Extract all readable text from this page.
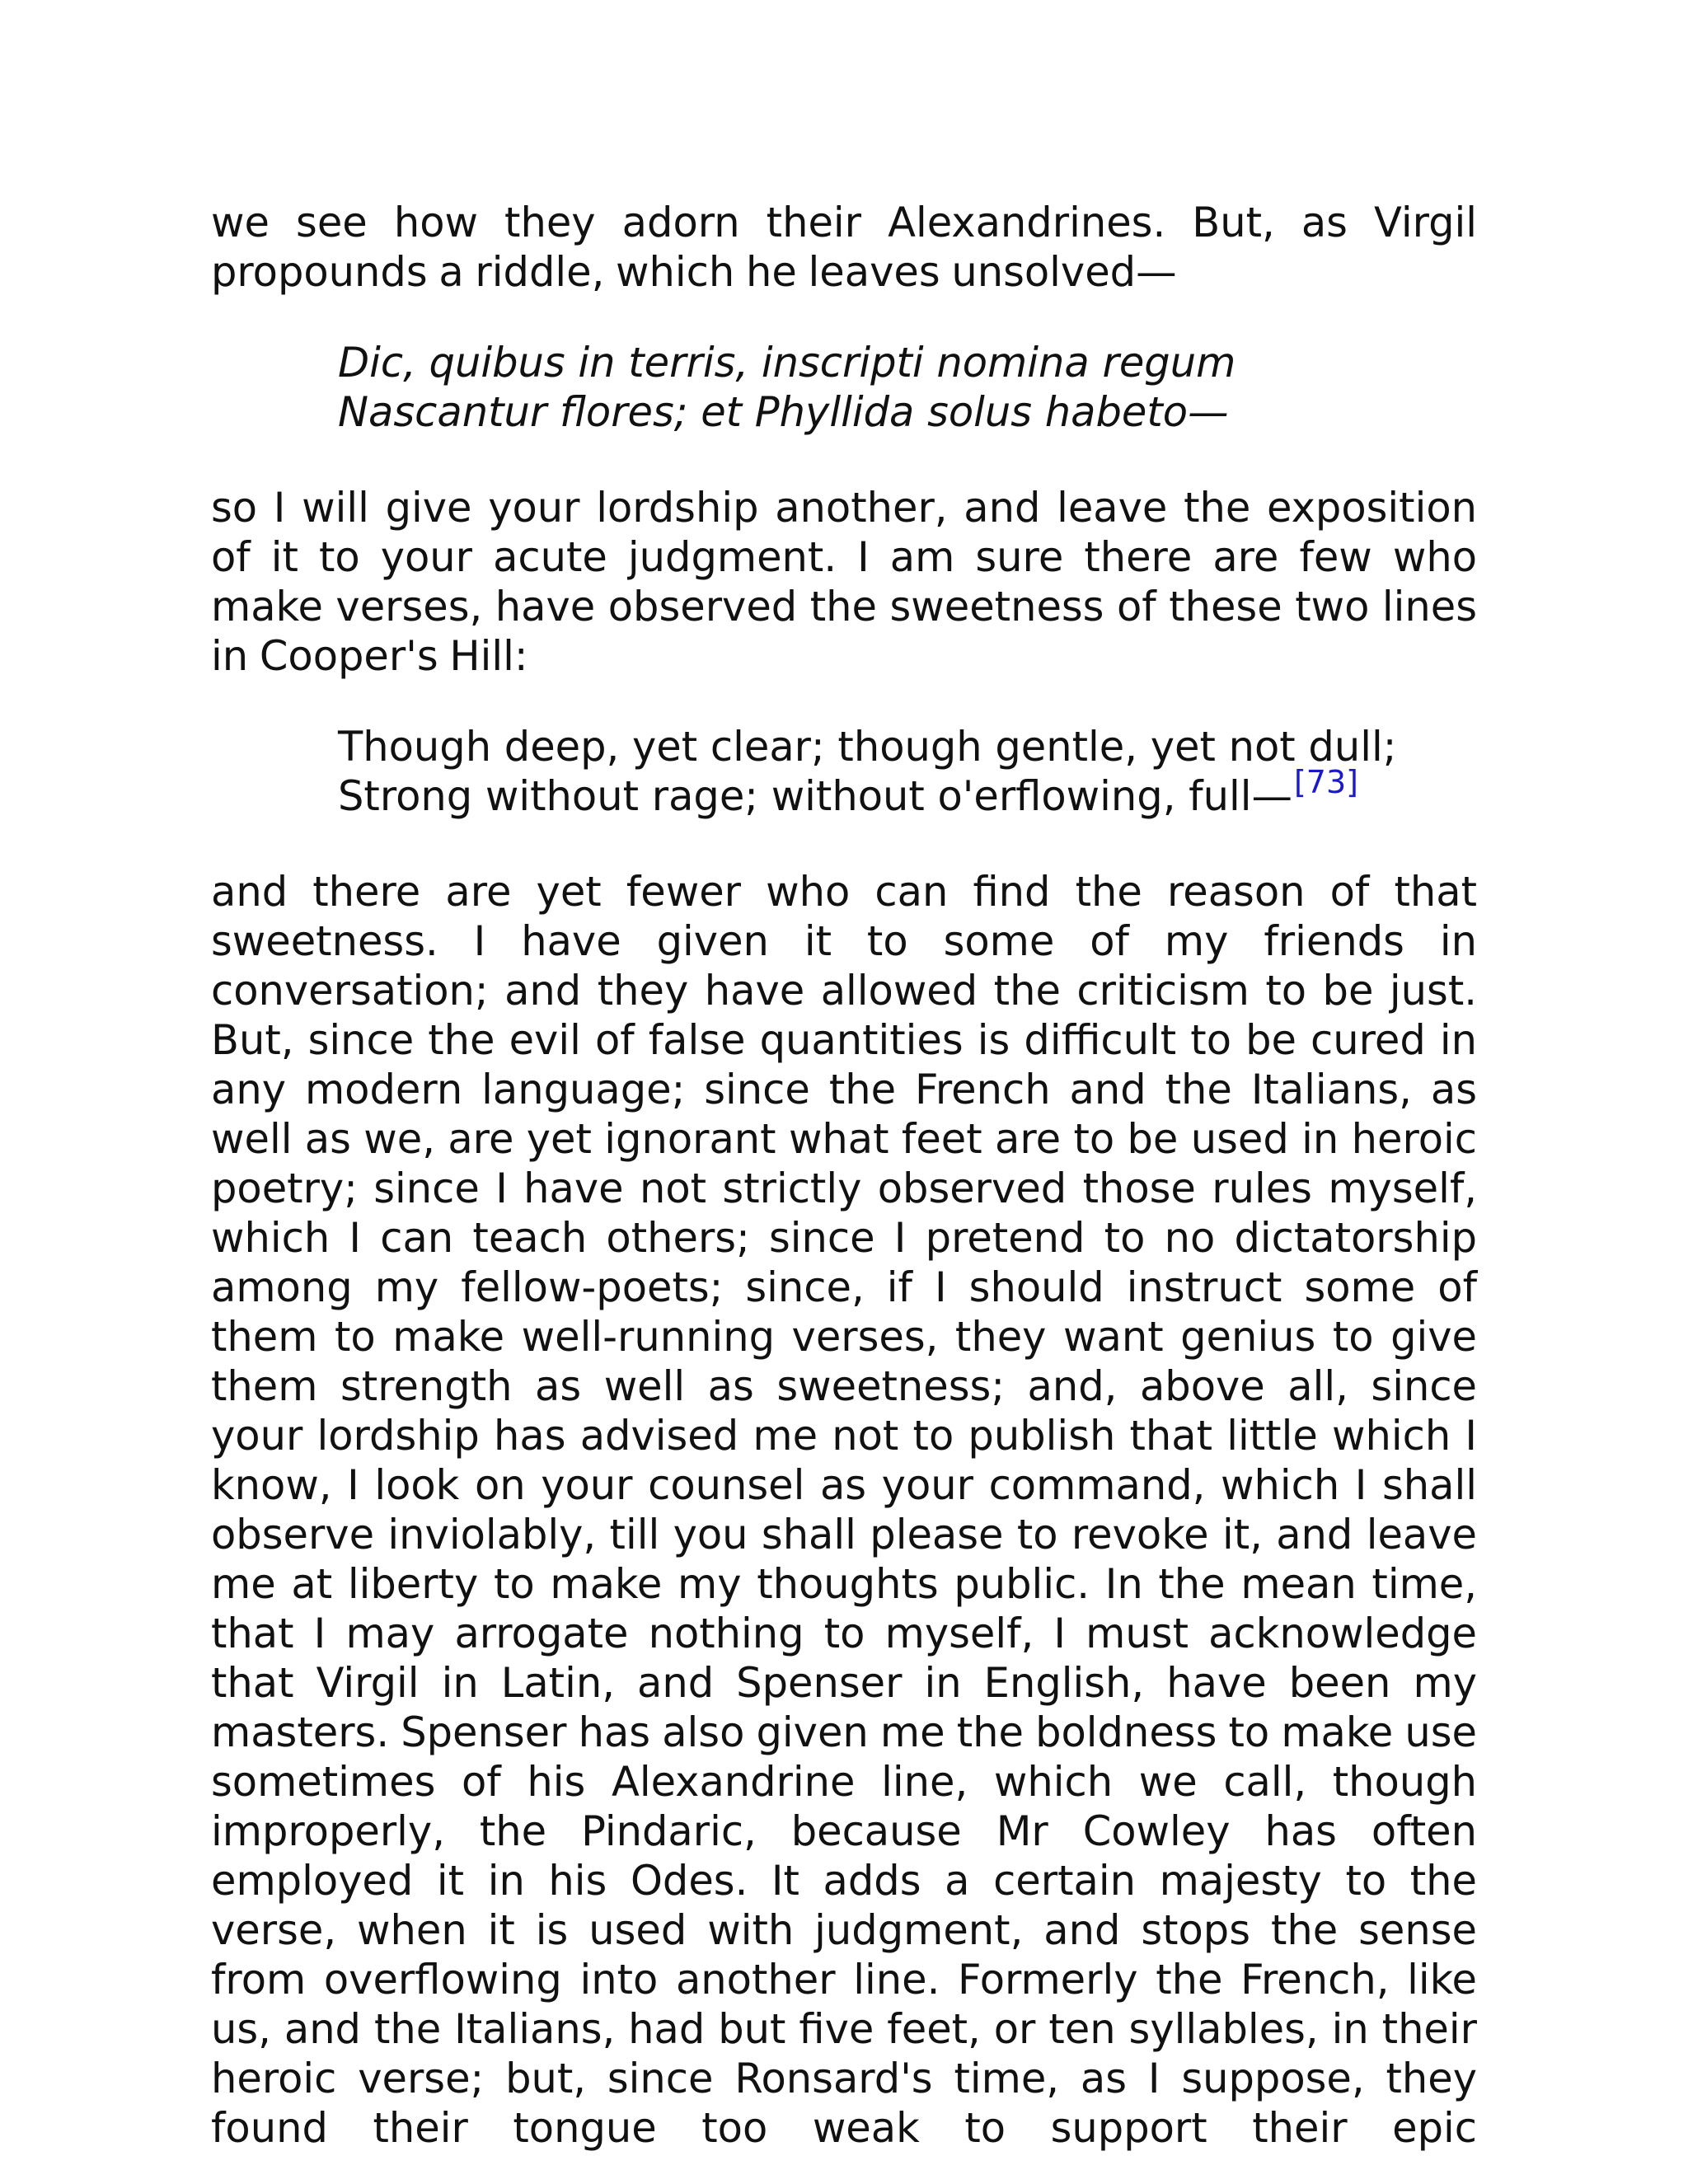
we see how they adorn their Alexandrines. But, as Virgil propounds a riddle, which he leaves unsolved—

Dic, quibus in terris, inscripti nomina regum
Nascantur flores; et Phyllida solus habeto—

so I will give your lordship another, and leave the exposition of it to your acute judgment. I am sure there are few who make verses, have observed the sweetness of these two lines in Cooper's Hill:

Though deep, yet clear; though gentle, yet not dull;
Strong without rage; without o'erflowing, full—[73]

and there are yet fewer who can find the reason of that sweetness. I have given it to some of my friends in conversation; and they have allowed the criticism to be just. But, since the evil of false quantities is difficult to be cured in any modern language; since the French and the Italians, as well as we, are yet ignorant what feet are to be used in heroic poetry; since I have not strictly observed those rules myself, which I can teach others; since I pretend to no dictatorship among my fellow-poets; since, if I should instruct some of them to make well-running verses, they want genius to give them strength as well as sweetness; and, above all, since your lordship has advised me not to publish that little which I know, I look on your counsel as your command, which I shall observe inviolably, till you shall please to revoke it, and leave me at liberty to make my thoughts public. In the mean time, that I may arrogate nothing to myself, I must acknowledge that Virgil in Latin, and Spenser in English, have been my masters. Spenser has also given me the boldness to make use sometimes of his Alexandrine line, which we call, though improperly, the Pindaric, because Mr Cowley has often employed it in his Odes. It adds a certain majesty to the verse, when it is used with judgment, and stops the sense from overflowing into another line. Formerly the French, like us, and the Italians, had but five feet, or ten syllables, in their heroic verse; but, since Ronsard's time, as I suppose, they found their tongue too weak to support their epic
